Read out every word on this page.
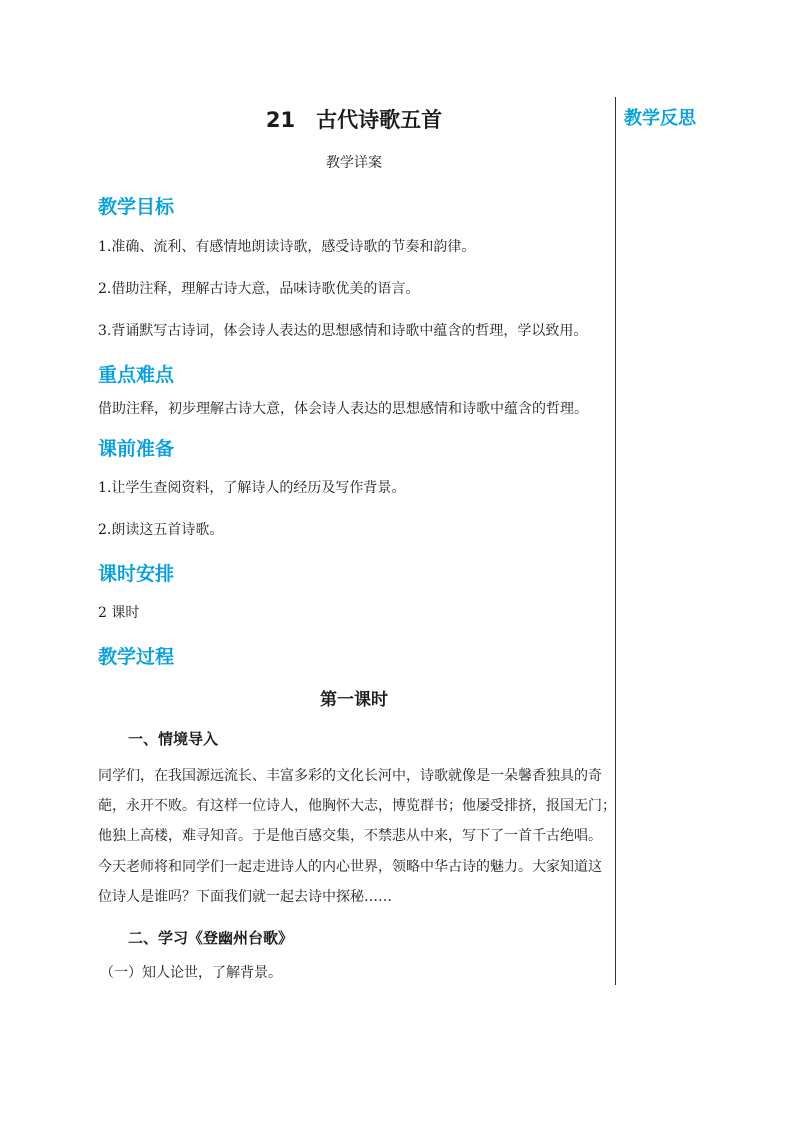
教学反思
21　古代诗歌五首
教学详案
教学目标
1.准确、流利、有感情地朗读诗歌，感受诗歌的节奏和韵律。
2.借助注释，理解古诗大意，品味诗歌优美的语言。
3.背诵默写古诗词，体会诗人表达的思想感情和诗歌中蕴含的哲理，学以致用。
重点难点
借助注释，初步理解古诗大意，体会诗人表达的思想感情和诗歌中蕴含的哲理。
课前准备
1.让学生查阅资料，了解诗人的经历及写作背景。
2.朗读这五首诗歌。
课时安排
2 课时
教学过程
第一课时
一、情境导入
同学们，在我国源远流长、丰富多彩的文化长河中，诗歌就像是一朵馨香独具的奇
葩，永开不败。有这样一位诗人，他胸怀大志，博览群书；他屡受排挤，报国无门；
他独上高楼，难寻知音。于是他百感交集，不禁悲从中来，写下了一首千古绝唱。
今天老师将和同学们一起走进诗人的内心世界，领略中华古诗的魅力。大家知道这
位诗人是谁吗？下面我们就一起去诗中探秘……
二、学习《登幽州台歌》
（一）知人论世，了解背景。
